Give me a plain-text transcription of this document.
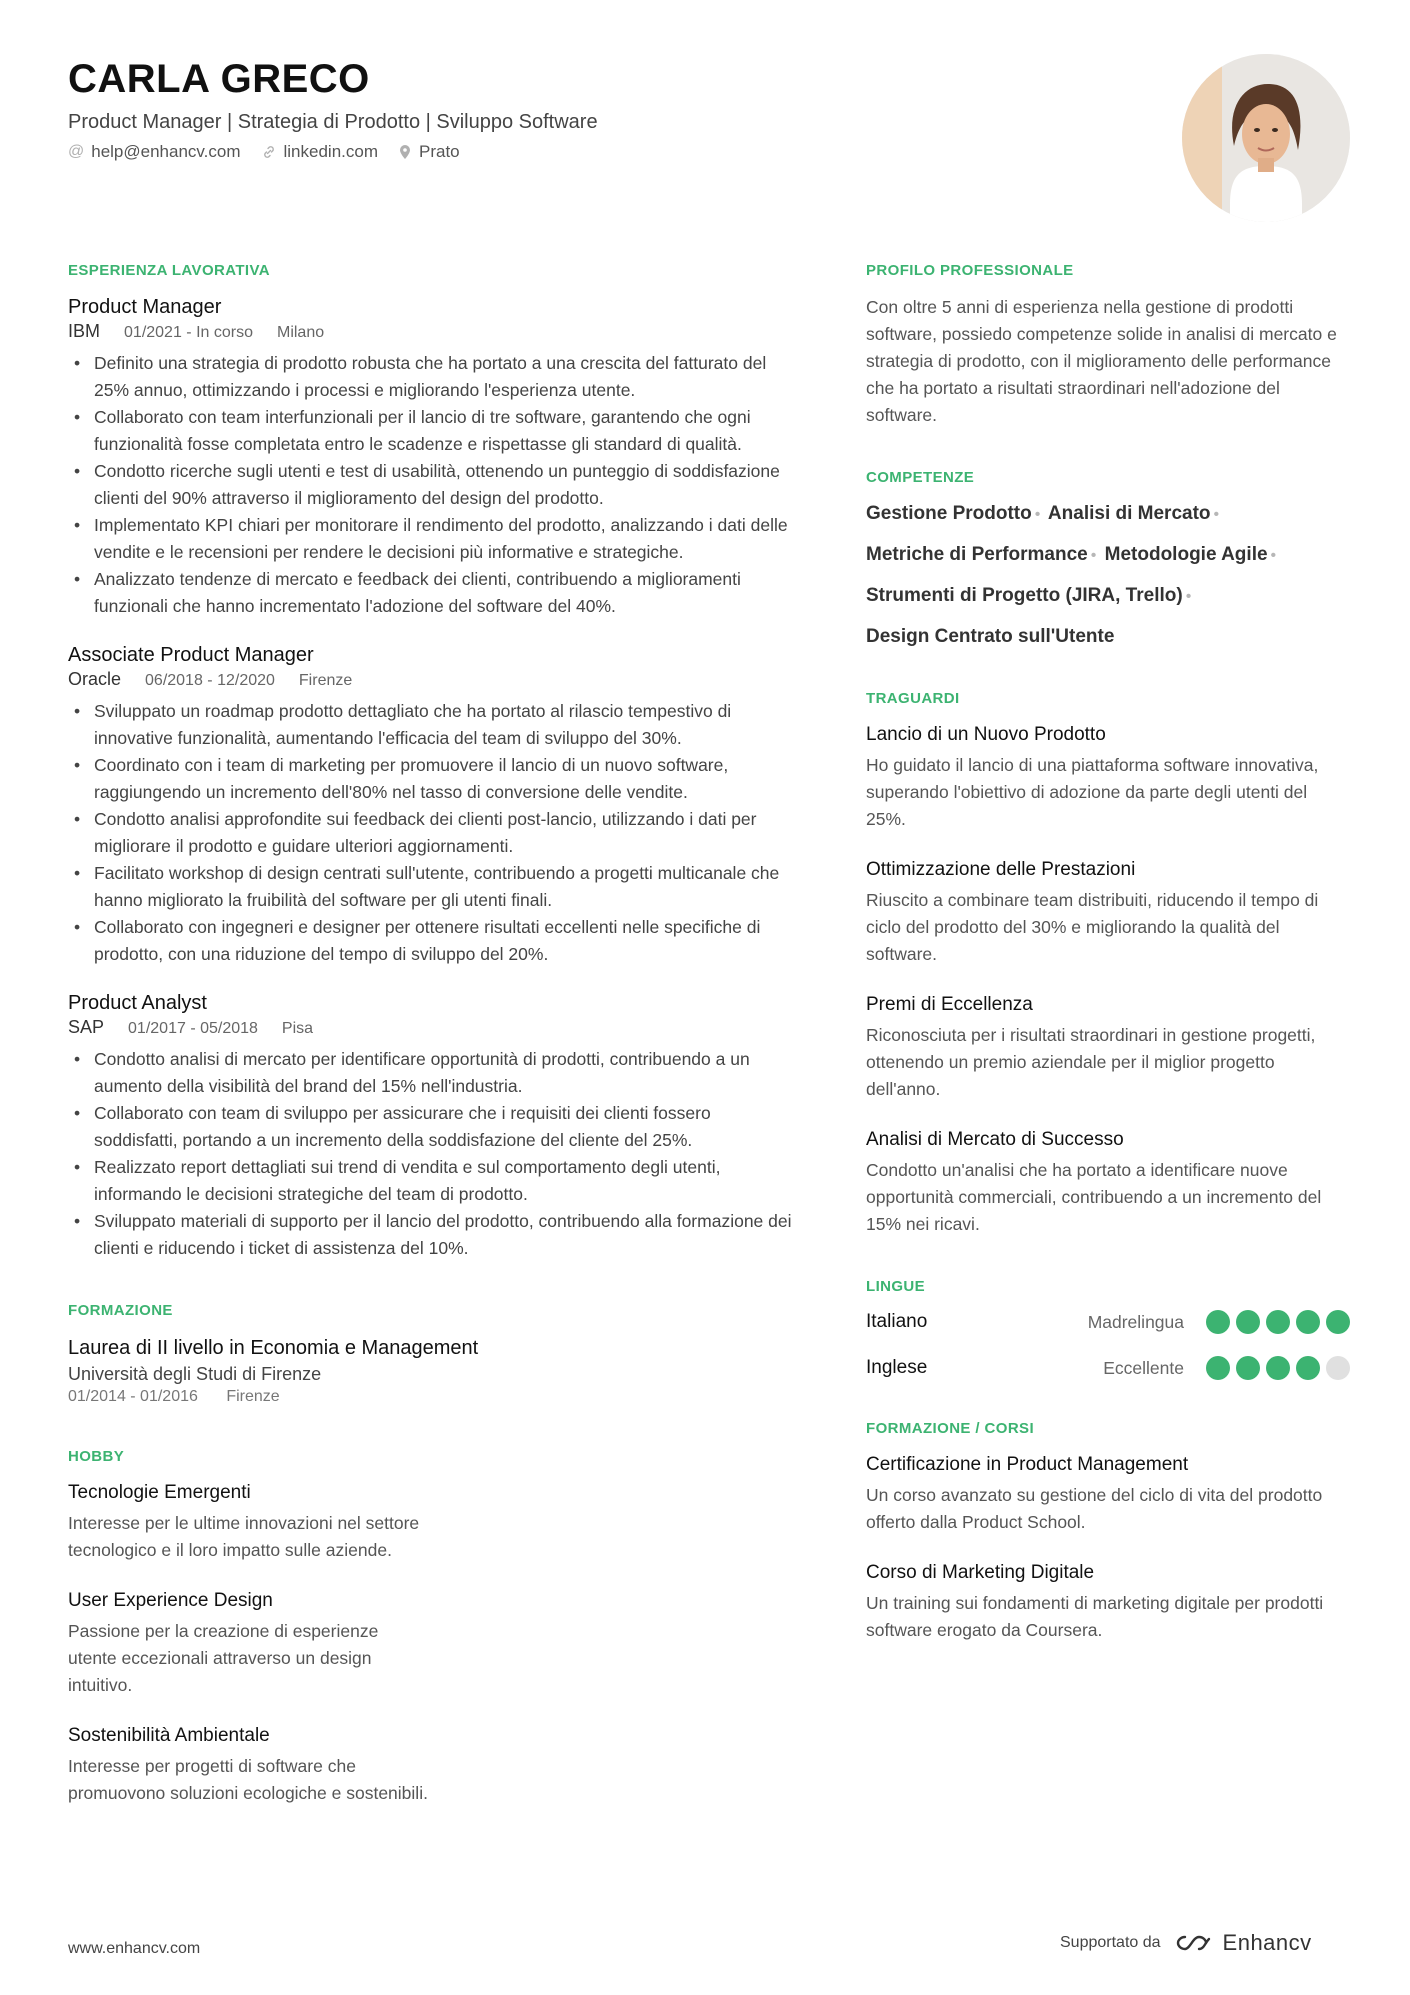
CARLA GRECO
Product Manager | Strategia di Prodotto | Sviluppo Software
@ help@enhancv.com	linkedin.com Prato
ESPERIENZA LAVORATIVA
Product Manager
IBM 01/2021 - In corso Milano
• Definito una strategia di prodotto robusta che ha portato a una crescita del fatturato del 25% annuo, ottimizzando i processi e migliorando l'esperienza utente.
• Collaborato con team interfunzionali per il lancio di tre software, garantendo che ogni funzionalità fosse completata entro le scadenze e rispettasse gli standard di qualità.
• Condotto ricerche sugli utenti e test di usabilità, ottenendo un punteggio di soddisfazione clienti del 90% attraverso il miglioramento del design del prodotto.
• Implementato KPI chiari per monitorare il rendimento del prodotto, analizzando i dati delle vendite e le recensioni per rendere le decisioni più informative e strategiche.
• Analizzato tendenze di mercato e feedback dei clienti, contribuendo a miglioramenti funzionali che hanno incrementato l'adozione del software del 40%.
Associate Product Manager
Oracle 06/2018 - 12/2020 Firenze
• Sviluppato un roadmap prodotto dettagliato che ha portato al rilascio tempestivo di innovative funzionalità, aumentando l'efficacia del team di sviluppo del 30%.
• Coordinato con i team di marketing per promuovere il lancio di un nuovo software, raggiungendo un incremento dell'80% nel tasso di conversione delle vendite.
• Condotto analisi approfondite sui feedback dei clienti post-lancio, utilizzando i dati per migliorare il prodotto e guidare ulteriori aggiornamenti.
• Facilitato workshop di design centrati sull'utente, contribuendo a progetti multicanale che hanno migliorato la fruibilità del software per gli utenti finali.
• Collaborato con ingegneri e designer per ottenere risultati eccellenti nelle specifiche di prodotto, con una riduzione del tempo di sviluppo del 20%.
Product Analyst
SAP 01/2017 - 05/2018 Pisa
• Condotto analisi di mercato per identificare opportunità di prodotti, contribuendo a un aumento della visibilità del brand del 15% nell'industria.
• Collaborato con team di sviluppo per assicurare che i requisiti dei clienti fossero soddisfatti, portando a un incremento della soddisfazione del cliente del 25%.
• Realizzato report dettagliati sui trend di vendita e sul comportamento degli utenti, informando le decisioni strategiche del team di prodotto.
• Sviluppato materiali di supporto per il lancio del prodotto, contribuendo alla formazione dei clienti e riducendo i ticket di assistenza del 10%.
FORMAZIONE
Laurea di II livello in Economia e Management
Università degli Studi di Firenze
01/2014 - 01/2016 Firenze
HOBBY
Tecnologie Emergenti
Interesse per le ultime innovazioni nel settore tecnologico e il loro impatto sulle aziende.
User Experience Design
Passione per la creazione di esperienze utente eccezionali attraverso un design intuitivo.
Sostenibilità Ambientale
Interesse per progetti di software che promuovono soluzioni ecologiche e sostenibili.
PROFILO PROFESSIONALE
Con oltre 5 anni di esperienza nella gestione di prodotti software, possiedo competenze solide in analisi di mercato e strategia di prodotto, con il miglioramento delle performance che ha portato a risultati straordinari nell'adozione del software.
COMPETENZE
Gestione Prodotto • Analisi di Mercato •
Metriche di Performance • Metodologie Agile •
Strumenti di Progetto (JIRA, Trello) •
Design Centrato sull'Utente
TRAGUARDI
Lancio di un Nuovo Prodotto
Ho guidato il lancio di una piattaforma software innovativa, superando l'obiettivo di adozione da parte degli utenti del 25%.
Ottimizzazione delle Prestazioni
Riuscito a combinare team distribuiti, riducendo il tempo di ciclo del prodotto del 30% e migliorando la qualità del software.
Premi di Eccellenza
Riconosciuta per i risultati straordinari in gestione progetti, ottenendo un premio aziendale per il miglior progetto dell'anno.
Analisi di Mercato di Successo
Condotto un'analisi che ha portato a identificare nuove opportunità commerciali, contribuendo a un incremento del 15% nei ricavi.
LINGUE
Italiano	Madrelingua
Inglese	Eccellente
FORMAZIONE / CORSI
Certificazione in Product Management
Un corso avanzato su gestione del ciclo di vita del prodotto offerto dalla Product School.
Corso di Marketing Digitale
Un training sui fondamenti di marketing digitale per prodotti software erogato da Coursera.
www.enhancv.com	Supportato da	Enhancv
